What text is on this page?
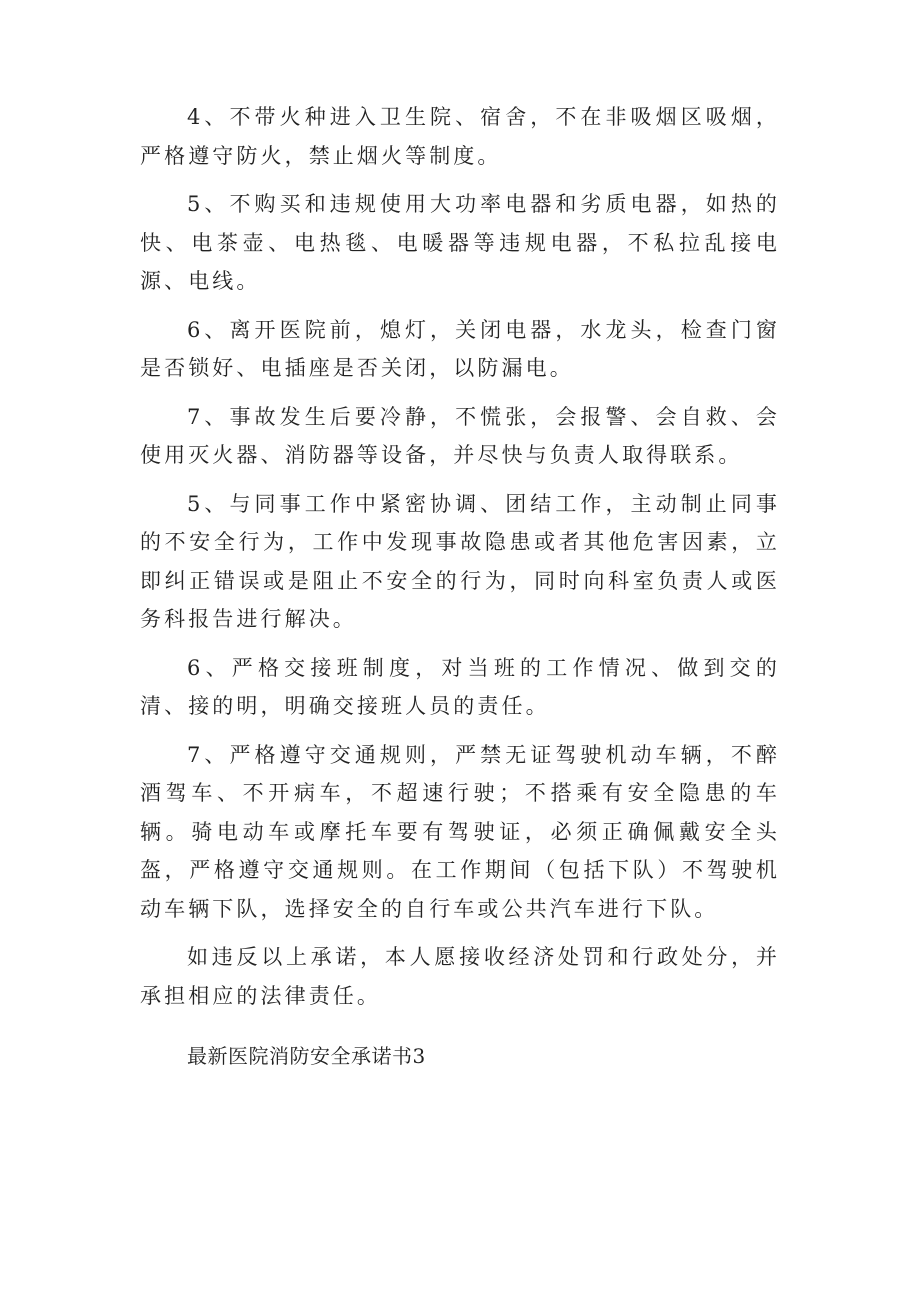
4、不带火种进入卫生院、宿舍，不在非吸烟区吸烟，严格遵守防火，禁止烟火等制度。

5、不购买和违规使用大功率电器和劣质电器，如热的快、电茶壶、电热毯、电暖器等违规电器，不私拉乱接电源、电线。

6、离开医院前，熄灯，关闭电器，水龙头，检查门窗是否锁好、电插座是否关闭，以防漏电。

7、事故发生后要冷静，不慌张，会报警、会自救、会使用灭火器、消防器等设备，并尽快与负责人取得联系。

5、与同事工作中紧密协调、团结工作，主动制止同事的不安全行为，工作中发现事故隐患或者其他危害因素，立即纠正错误或是阻止不安全的行为，同时向科室负责人或医务科报告进行解决。

6、严格交接班制度，对当班的工作情况、做到交的清、接的明，明确交接班人员的责任。

7、严格遵守交通规则，严禁无证驾驶机动车辆，不醉酒驾车、不开病车，不超速行驶；不搭乘有安全隐患的车辆。骑电动车或摩托车要有驾驶证，必须正确佩戴安全头盔，严格遵守交通规则。在工作期间（包括下队）不驾驶机动车辆下队，选择安全的自行车或公共汽车进行下队。

如违反以上承诺，本人愿接收经济处罚和行政处分，并承担相应的法律责任。

最新医院消防安全承诺书3
